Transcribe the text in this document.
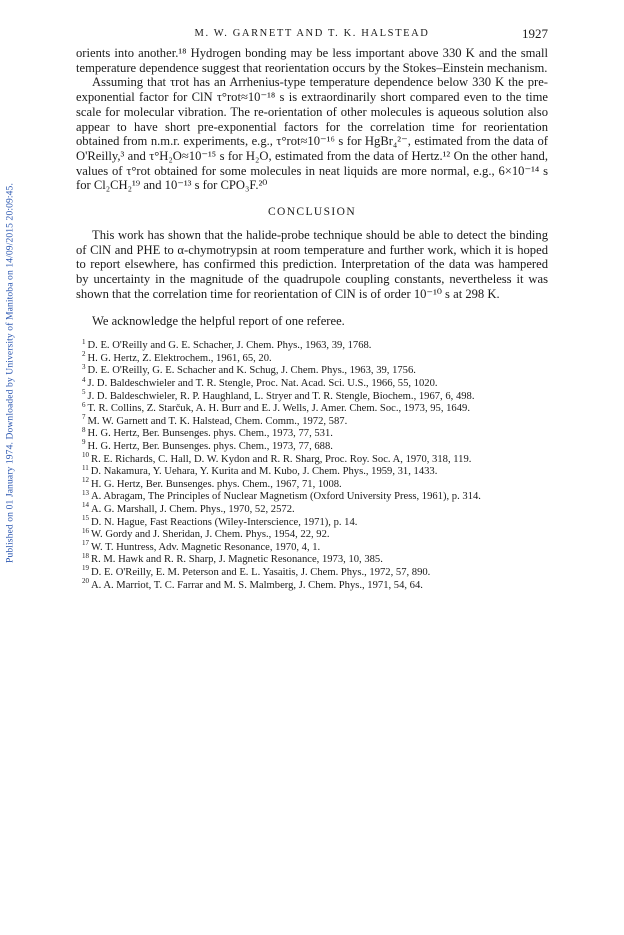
Published on 01 January 1974. Downloaded by University of Manitoba on 14/09/2015 20:09:45.
M. W. GARNETT AND T. K. HALSTEAD	1927

orients into another.¹⁸ Hydrogen bonding may be less important above 330 K and the small temperature dependence suggest that reorientation occurs by the Stokes–Einstein mechanism.

Assuming that τrot has an Arrhenius-type temperature dependence below 330 K the pre-exponential factor for ClN τ°rot≈10⁻¹⁸ s is extraordinarily short compared even to the time scale for molecular vibration. The re-orientation of other molecules is aqueous solution also appear to have short pre-exponential factors for the correlation time for reorientation obtained from n.m.r. experiments, e.g., τ°rot≈10⁻¹⁶ s for HgBr₄²⁻, estimated from the data of O'Reilly,³ and τ°H₂O≈10⁻¹⁵ s for H₂O, estimated from the data of Hertz.¹² On the other hand, values of τ°rot obtained for some molecules in neat liquids are more normal, e.g., 6×10⁻¹⁴ s for Cl₂CH₂¹⁹ and 10⁻¹³ s for CPO₃F.²⁰

CONCLUSION

This work has shown that the halide-probe technique should be able to detect the binding of ClN and PHE to α-chymotrypsin at room temperature and further work, which it is hoped to report elsewhere, has confirmed this prediction. Interpretation of the data was hampered by uncertainty in the magnitude of the quadrupole coupling constants, nevertheless it was shown that the correlation time for reorientation of ClN is of order 10⁻¹⁰ s at 298 K.

We acknowledge the helpful report of one referee.

$^1$ D. E. O'Reilly and G. E. Schacher, J. Chem. Phys., 1963, 39, 1768.
$^2$ H. G. Hertz, Z. Elektrochem., 1961, 65, 20.
$^3$ D. E. O'Reilly, G. E. Schacher and K. Schug, J. Chem. Phys., 1963, 39, 1756.
$^4$ J. D. Baldeschwieler and T. R. Stengle, Proc. Nat. Acad. Sci. U.S., 1966, 55, 1020.
$^5$ J. D. Baldeschwieler, R. P. Haughland, L. Stryer and T. R. Stengle, Biochem., 1967, 6, 498.
$^6$ T. R. Collins, Z. Starčuk, A. H. Burr and E. J. Wells, J. Amer. Chem. Soc., 1973, 95, 1649.
$^7$ M. W. Garnett and T. K. Halstead, Chem. Comm., 1972, 587.
$^8$ H. G. Hertz, Ber. Bunsenges. phys. Chem., 1973, 77, 531.
$^9$ H. G. Hertz, Ber. Bunsenges. phys. Chem., 1973, 77, 688.
$^{10}$ R. E. Richards, C. Hall, D. W. Kydon and R. R. Sharg, Proc. Roy. Soc. A, 1970, 318, 119.
$^{11}$ D. Nakamura, Y. Uehara, Y. Kurita and M. Kubo, J. Chem. Phys., 1959, 31, 1433.
$^{12}$ H. G. Hertz, Ber. Bunsenges. phys. Chem., 1967, 71, 1008.
$^{13}$ A. Abragam, The Principles of Nuclear Magnetism (Oxford University Press, 1961), p. 314.
$^{14}$ A. G. Marshall, J. Chem. Phys., 1970, 52, 2572.
$^{15}$ D. N. Hague, Fast Reactions (Wiley-Interscience, 1971), p. 14.
$^{16}$ W. Gordy and J. Sheridan, J. Chem. Phys., 1954, 22, 92.
$^{17}$ W. T. Huntress, Adv. Magnetic Resonance, 1970, 4, 1.
$^{18}$ R. M. Hawk and R. R. Sharp, J. Magnetic Resonance, 1973, 10, 385.
$^{19}$ D. E. O'Reilly, E. M. Peterson and E. L. Yasaitis, J. Chem. Phys., 1972, 57, 890.
$^{20}$ A. A. Marriot, T. C. Farrar and M. S. Malmberg, J. Chem. Phys., 1971, 54, 64.
